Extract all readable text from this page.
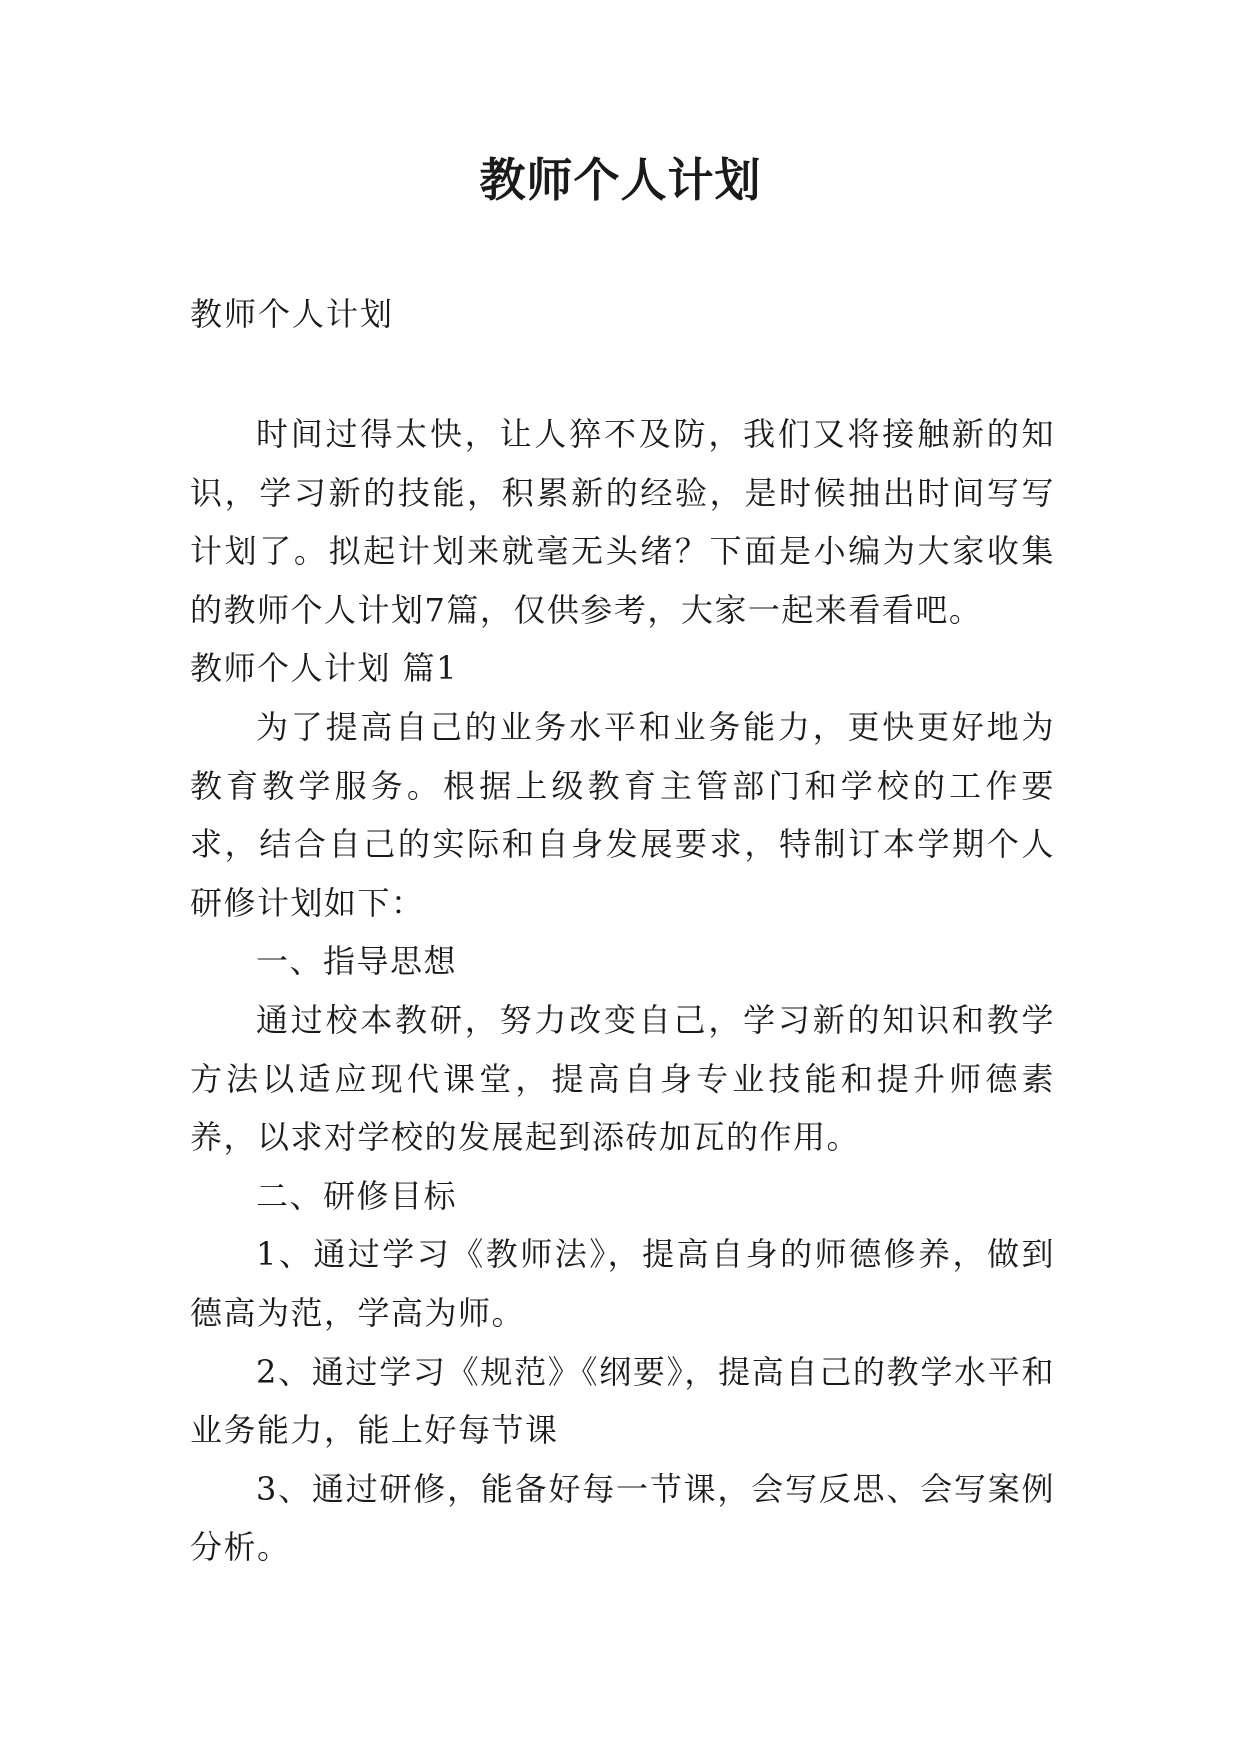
教师个人计划
教师个人计划

时间过得太快，让人猝不及防，我们又将接触新的知识，学习新的技能，积累新的经验，是时候抽出时间写写计划了。拟起计划来就毫无头绪？下面是小编为大家收集的教师个人计划7篇，仅供参考，大家一起来看看吧。

教师个人计划 篇1

为了提高自己的业务水平和业务能力，更快更好地为教育教学服务。根据上级教育主管部门和学校的工作要求，结合自己的实际和自身发展要求，特制订本学期个人研修计划如下：

一、指导思想

通过校本教研，努力改变自己，学习新的知识和教学方法以适应现代课堂，提高自身专业技能和提升师德素养，以求对学校的发展起到添砖加瓦的作用。

二、研修目标

1、通过学习《教师法》，提高自身的师德修养，做到德高为范，学高为师。

2、通过学习《规范》《纲要》，提高自己的教学水平和业务能力，能上好每节课

3、通过研修，能备好每一节课，会写反思、会写案例分析。
